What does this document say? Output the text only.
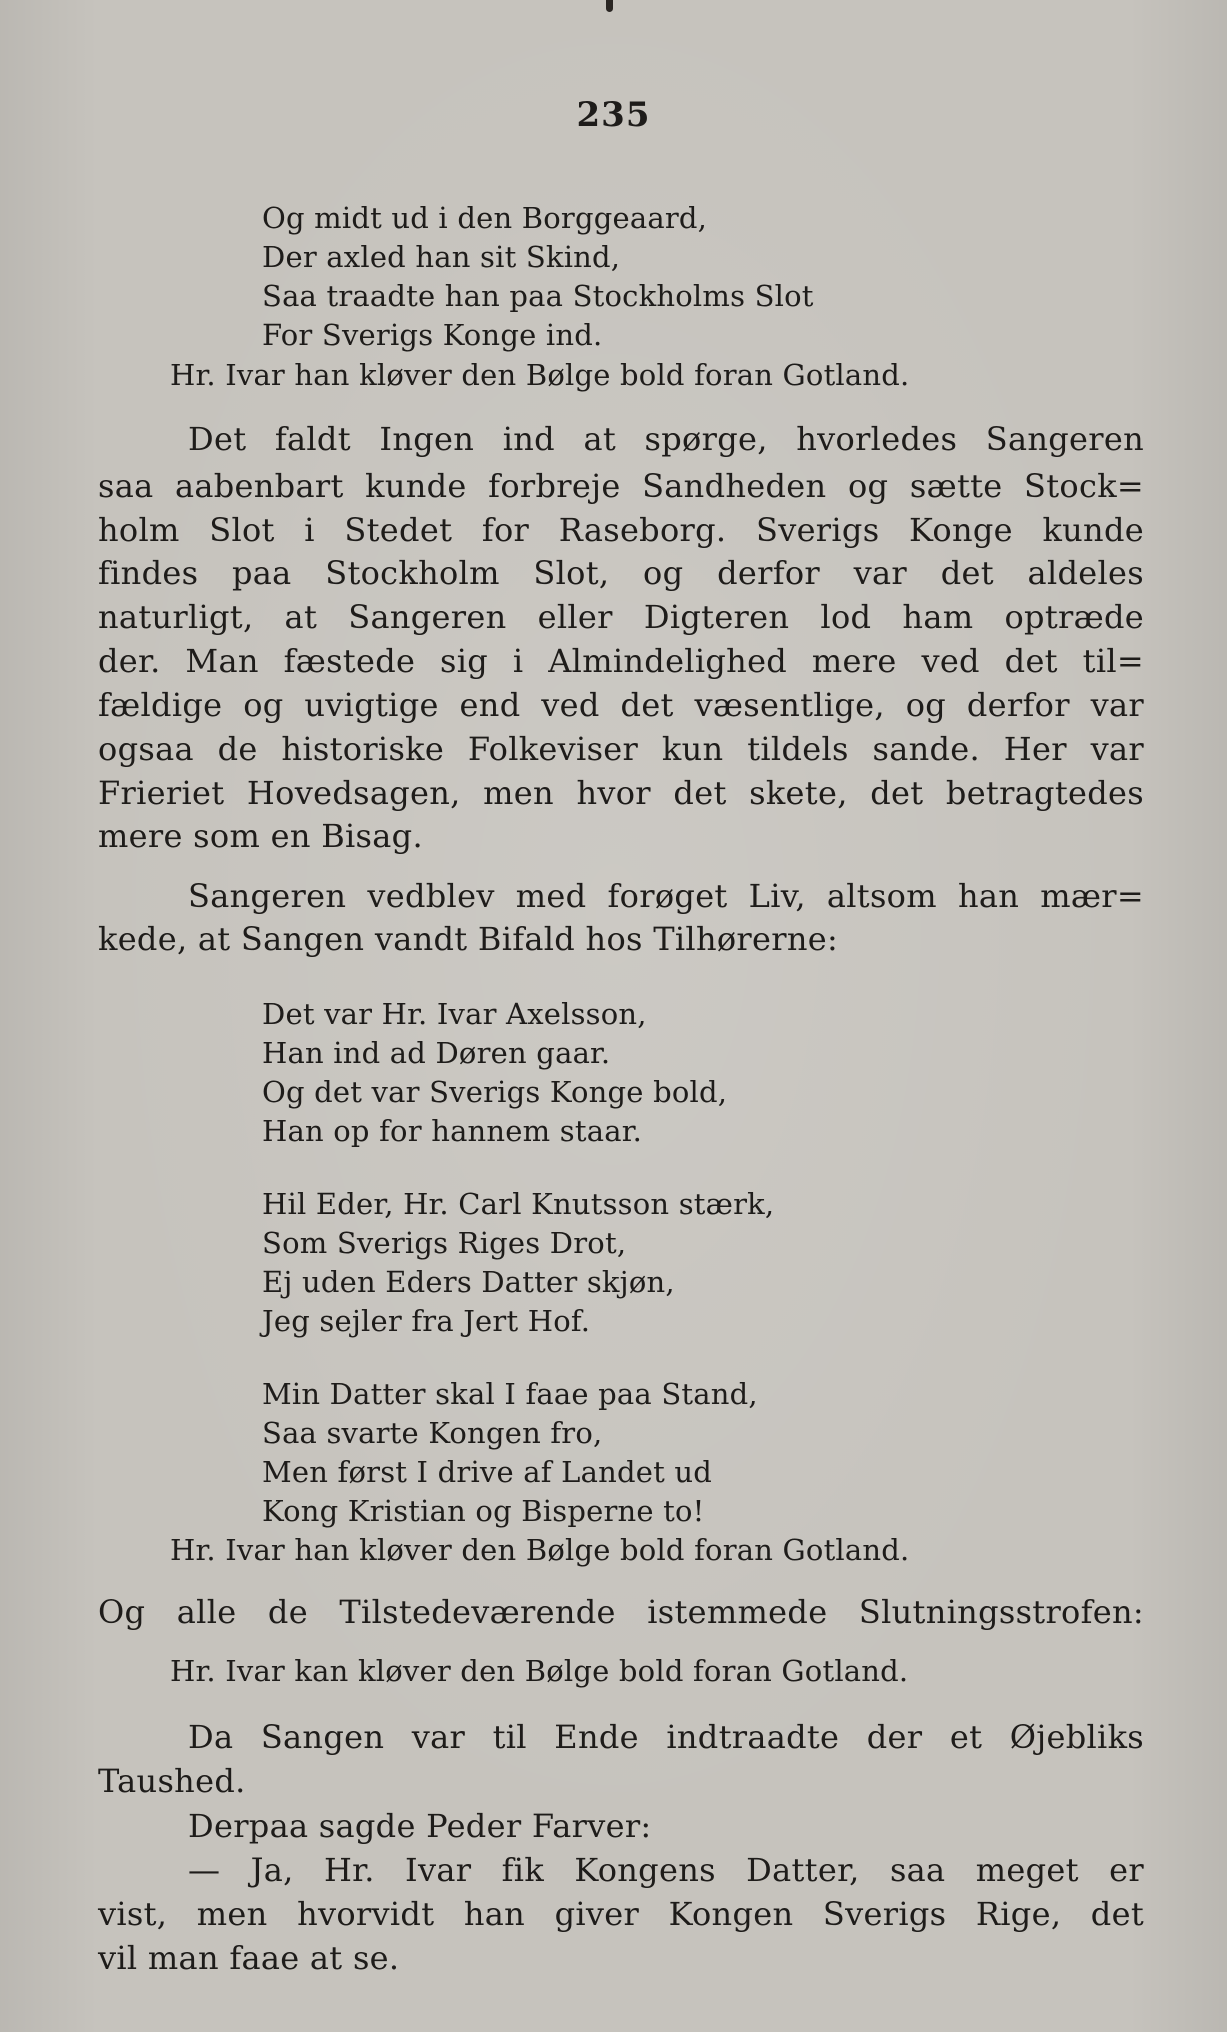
235
Og midt ud i den Borggeaard,
Der axled han sit Skind,
Saa traadte han paa Stockholms Slot
For Sverigs Konge ind.
Hr. Ivar han kløver den Bølge bold foran Gotland.
Det faldt Ingen ind at spørge, hvorledes Sangeren
saa aabenbart kunde forbreje Sandheden og sætte Stock=
holm Slot i Stedet for Raseborg. Sverigs Konge kunde
findes paa Stockholm Slot, og derfor var det aldeles
naturligt, at Sangeren eller Digteren lod ham optræde
der. Man fæstede sig i Almindelighed mere ved det til=
fældige og uvigtige end ved det væsentlige, og derfor var
ogsaa de historiske Folkeviser kun tildels sande. Her var
Frieriet Hovedsagen, men hvor det skete, det betragtedes
mere som en Bisag.
Sangeren vedblev med forøget Liv, altsom han mær=
kede, at Sangen vandt Bifald hos Tilhørerne:
Det var Hr. Ivar Axelsson,
Han ind ad Døren gaar.
Og det var Sverigs Konge bold,
Han op for hannem staar.
Hil Eder, Hr. Carl Knutsson stærk,
Som Sverigs Riges Drot,
Ej uden Eders Datter skjøn,
Jeg sejler fra Jert Hof.
Min Datter skal I faae paa Stand,
Saa svarte Kongen fro,
Men først I drive af Landet ud
Kong Kristian og Bisperne to!
Hr. Ivar han kløver den Bølge bold foran Gotland.
Og alle de Tilstedeværende istemmede Slutningsstrofen:
Hr. Ivar kan kløver den Bølge bold foran Gotland.
Da Sangen var til Ende indtraadte der et Øjebliks
Taushed.
Derpaa sagde Peder Farver:
— Ja, Hr. Ivar fik Kongens Datter, saa meget er
vist, men hvorvidt han giver Kongen Sverigs Rige, det
vil man faae at se.
